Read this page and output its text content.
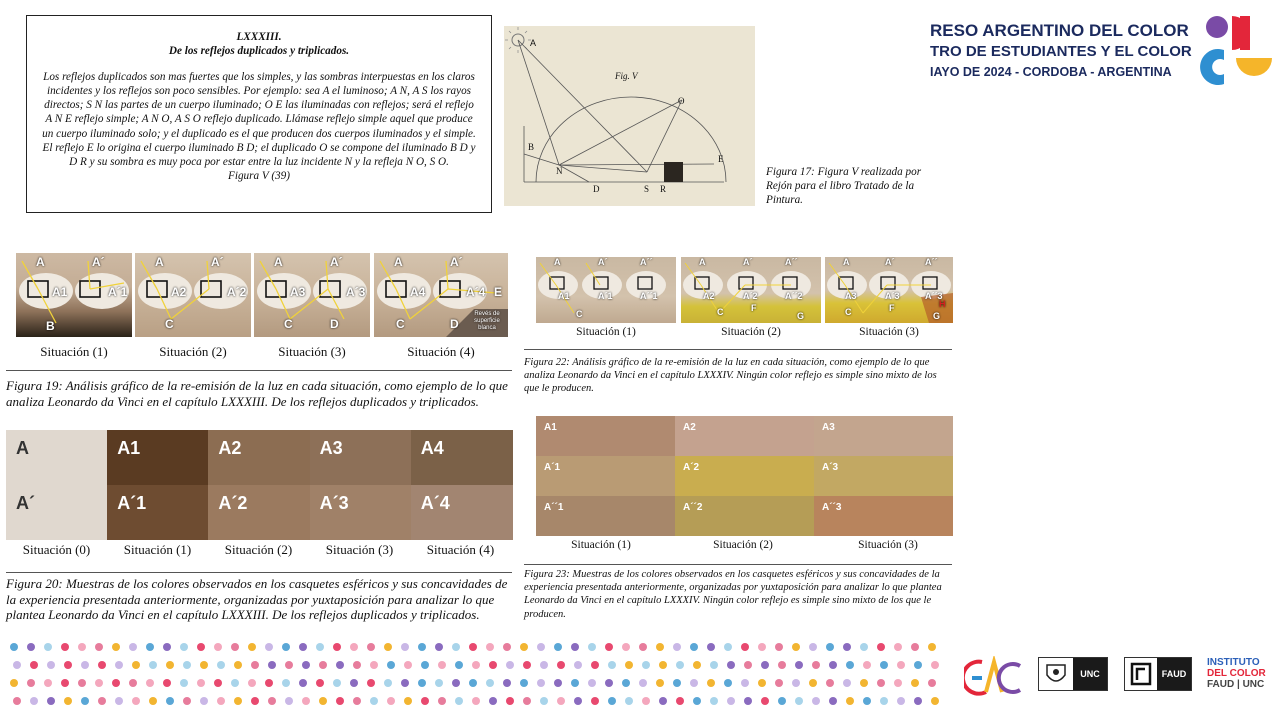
LXXXIII.
De los reflejos duplicados y triplicados.
Los reflejos duplicados son mas fuertes que los simples, y las sombras interpuestas en los claros incidentes y los reflejos son poco sensibles. Por ejemplo: sea A el luminoso; A N, A S los rayos directos; S N las partes de un cuerpo iluminado; O E las iluminadas con reflejos; será el reflejo A N E reflejo simple; A N O, A S O reflejo duplicado. Llámase reflejo simple aquel que produce un cuerpo iluminado solo; y el duplicado es el que producen dos cuerpos iluminados y el simple. El reflejo E lo origina el cuerpo iluminado B D; el duplicado O se compone del iluminado B D y D R y su sombra es muy poca por estar entre la luz incidente N y la refleja N O, S O.
Figura V (39)
A
Fig. V
O
B
N
E
D	S R
Figura 17: Figura V realizada por Rejón para el libro Tratado de la Pintura.
RESO ARGENTINO DEL COLOR
TRO DE ESTUDIANTES Y EL COLOR
IAYO DE 2024 - CORDOBA - ARGENTINA
A	A´
A1	A´1
B
A	A´
A2	A´2
C
A	A´
A3	A´3
C	D
A	A´
A4	A´4 E
C	D
Revés de superficie blanca
Situación (1)	Situación (2)	Situación (3)	Situación (4)
Figura 19: Análisis gráfico de la re-emisión de la luz en cada situación, como ejemplo de lo que analiza Leonardo da Vinci en el capítulo LXXXIII. De los reflejos duplicados y triplicados.
A	A1	A2	A3	A4
A´	A´1	A´2	A´3	A´4
Situación (0)	Situación (1)	Situación (2)	Situación (3)	Situación (4)
Figura 20: Muestras de los colores observados en los casquetes esféricos y sus concavidades de la experiencia presentada anteriormente, organizadas por yuxtaposición para analizar lo que plantea Leonardo da Vinci en el capítulo LXXXIII. De los reflejos duplicados y triplicados.
A	A´	A´´
A1	A´1	A´´1
C
A	A´	A´´
A2	A´2	A´´2
C	F
G
A	A´	A´´
A3	A´3	A´´3
C	F
G
H
Situación (1)	Situación (2)	Situación (3)
Figura 22: Análisis gráfico de la re-emisión de la luz en cada situación, como ejemplo de lo que analiza Leonardo da Vinci en el capítulo LXXXIV. Ningún color reflejo es simple sino mixto de los que le producen.
A1	A2	A3
A´1	A´2	A´3
A´´1	A´´2	A´´3
Situación (1)	Situación (2)	Situación (3)
Figura 23: Muestras de los colores observados en los casquetes esféricos y sus concavidades de la experiencia presentada anteriormente, organizadas por yuxtaposición para analizar lo que plantea Leonardo da Vinci en el capítulo LXXXIV. Ningún color reflejo es simple sino mixto de los que le producen.
UNC	FAUD
INSTITUTO
DEL COLOR
FAUD | UNC
